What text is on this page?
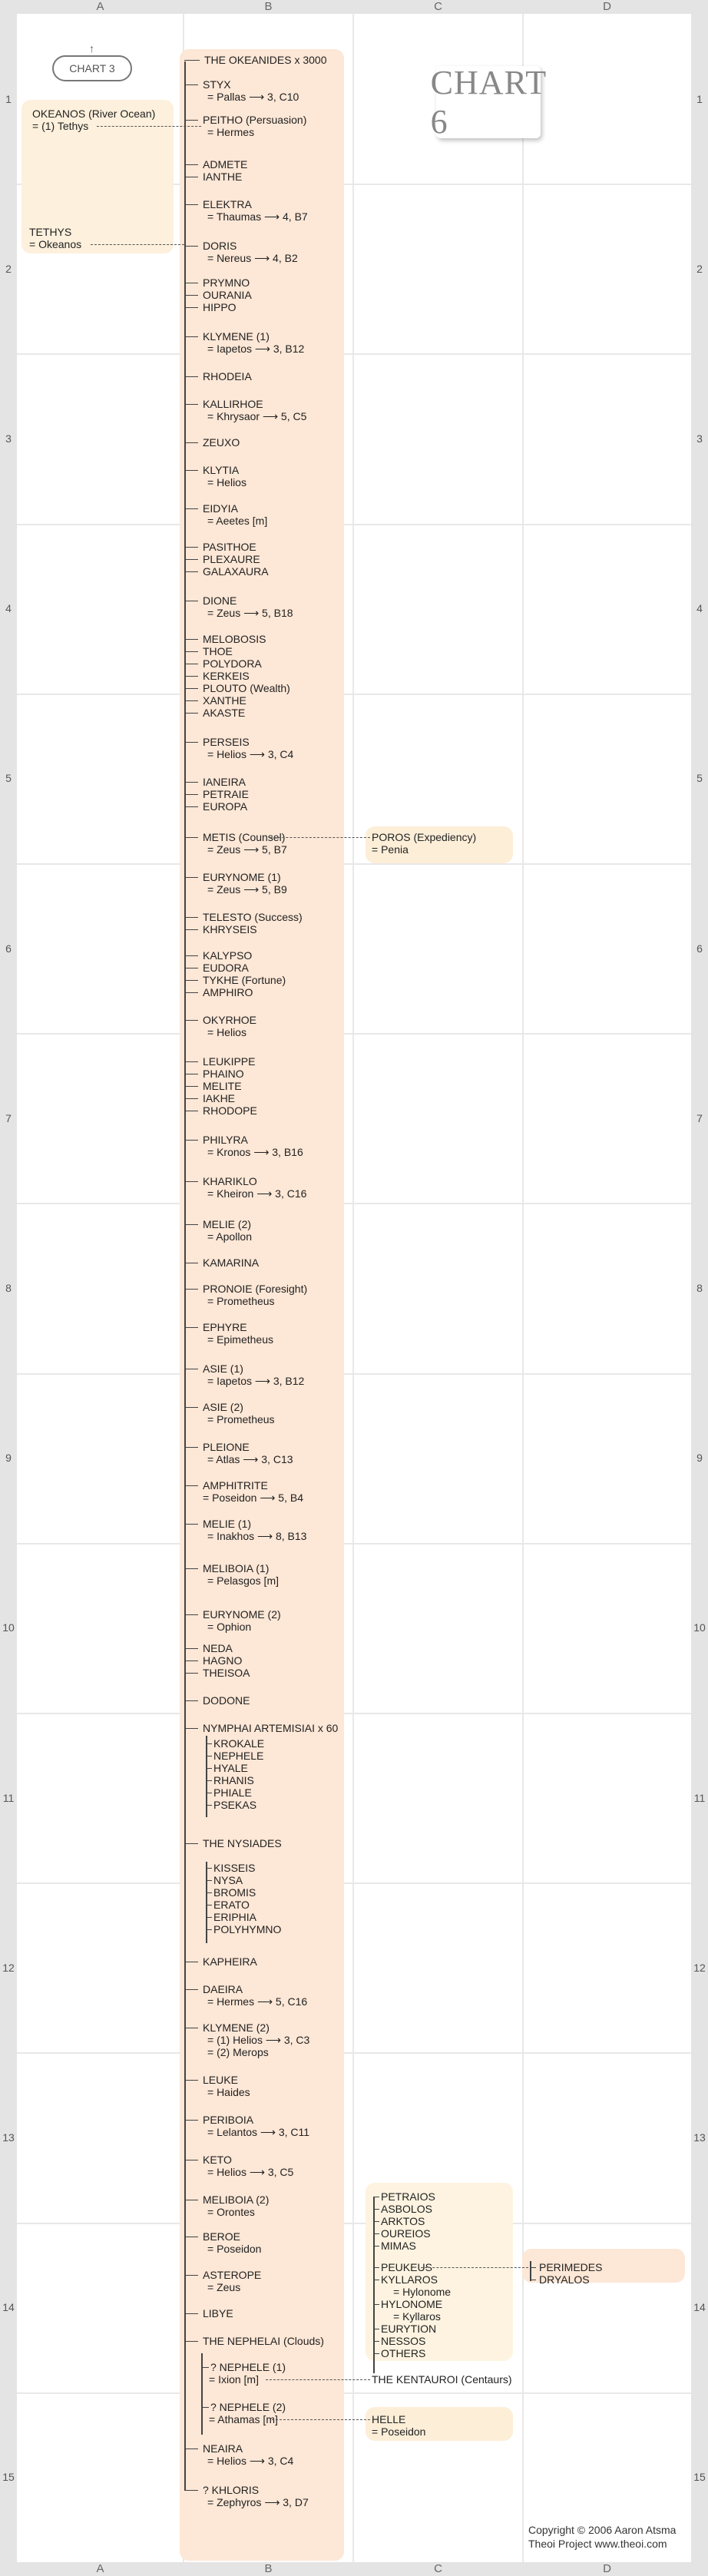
A	B	C	D
A	B	C	D
1	1
2	2
3	3
4	4
5	5
6	6
7	7
8	8
9	9
10	10
11	11
12	12
13	13
14	14
15	15
CHART 6
↑
CHART 3
OKEANOS (River Ocean)
= (1) Tethys
TETHYS
= Okeanos
THE OKEANIDES x 3000
STYX
= Pallas ⟶ 3, C10
PEITHO (Persuasion)
= Hermes
ADMETE
IANTHE
ELEKTRA
= Thaumas ⟶ 4, B7
DORIS
= Nereus ⟶ 4, B2
PRYMNO
OURANIA
HIPPO
KLYMENE (1)
= Iapetos ⟶ 3, B12
RHODEIA
KALLIRHOE
= Khrysaor ⟶ 5, C5
ZEUXO
KLYTIA
= Helios
EIDYIA
= Aeetes [m]
PASITHOE
PLEXAURE
GALAXAURA
DIONE
= Zeus ⟶ 5, B18
MELOBOSIS
THOE
POLYDORA
KERKEIS
PLOUTO (Wealth)
XANTHE
AKASTE
PERSEIS
= Helios ⟶ 3, C4
IANEIRA
PETRAIE
EUROPA
METIS (Counsel)
= Zeus ⟶ 5, B7
EURYNOME (1)
= Zeus ⟶ 5, B9
TELESTO (Success)
KHRYSEIS
KALYPSO
EUDORA
TYKHE (Fortune)
AMPHIRO
OKYRHOE
= Helios
LEUKIPPE
PHAINO
MELITE
IAKHE
RHODOPE
PHILYRA
= Kronos ⟶ 3, B16
KHARIKLO
= Kheiron ⟶ 3, C16
MELIE (2)
= Apollon
KAMARINA
PRONOIE (Foresight)
= Prometheus
EPHYRE
= Epimetheus
ASIE (1)
= Iapetos ⟶ 3, B12
ASIE (2)
= Prometheus
PLEIONE
= Atlas ⟶ 3, C13
AMPHITRITE
= Poseidon ⟶ 5, B4
MELIE (1)
= Inakhos ⟶ 8, B13
MELIBOIA (1)
= Pelasgos [m]
EURYNOME (2)
= Ophion
NEDA
HAGNO
THEISOA
DODONE
NYMPHAI ARTEMISIAI x 60
KROKALE
NEPHELE
HYALE
RHANIS
PHIALE
PSEKAS
THE NYSIADES
KISSEIS
NYSA
BROMIS
ERATO
ERIPHIA
POLYHYMNO
KAPHEIRA
DAEIRA
= Hermes ⟶ 5, C16
KLYMENE (2)
= (1) Helios ⟶ 3, C3
= (2) Merops
LEUKE
= Haides
PERIBOIA
= Lelantos ⟶ 3, C11
KETO
= Helios ⟶ 3, C5
MELIBOIA (2)
= Orontes
BEROE
= Poseidon
ASTEROPE
= Zeus
LIBYE
THE NEPHELAI (Clouds)
? NEPHELE (1)
= Ixion [m]
? NEPHELE (2)
= Athamas [m]
NEAIRA
= Helios ⟶ 3, C4
? KHLORIS
= Zephyros ⟶ 3, D7
POROS (Expediency)
= Penia
PETRAIOS
ASBOLOS
ARKTOS
OUREIOS
MIMAS
PEUKEUS
KYLLAROS
= Hylonome
HYLONOME
= Kyllaros
EURYTION
NESSOS
OTHERS
PERIMEDES
DRYALOS
THE KENTAUROI (Centaurs)
HELLE
= Poseidon
Copyright © 2006 Aaron Atsma
Theoi Project www.theoi.com
